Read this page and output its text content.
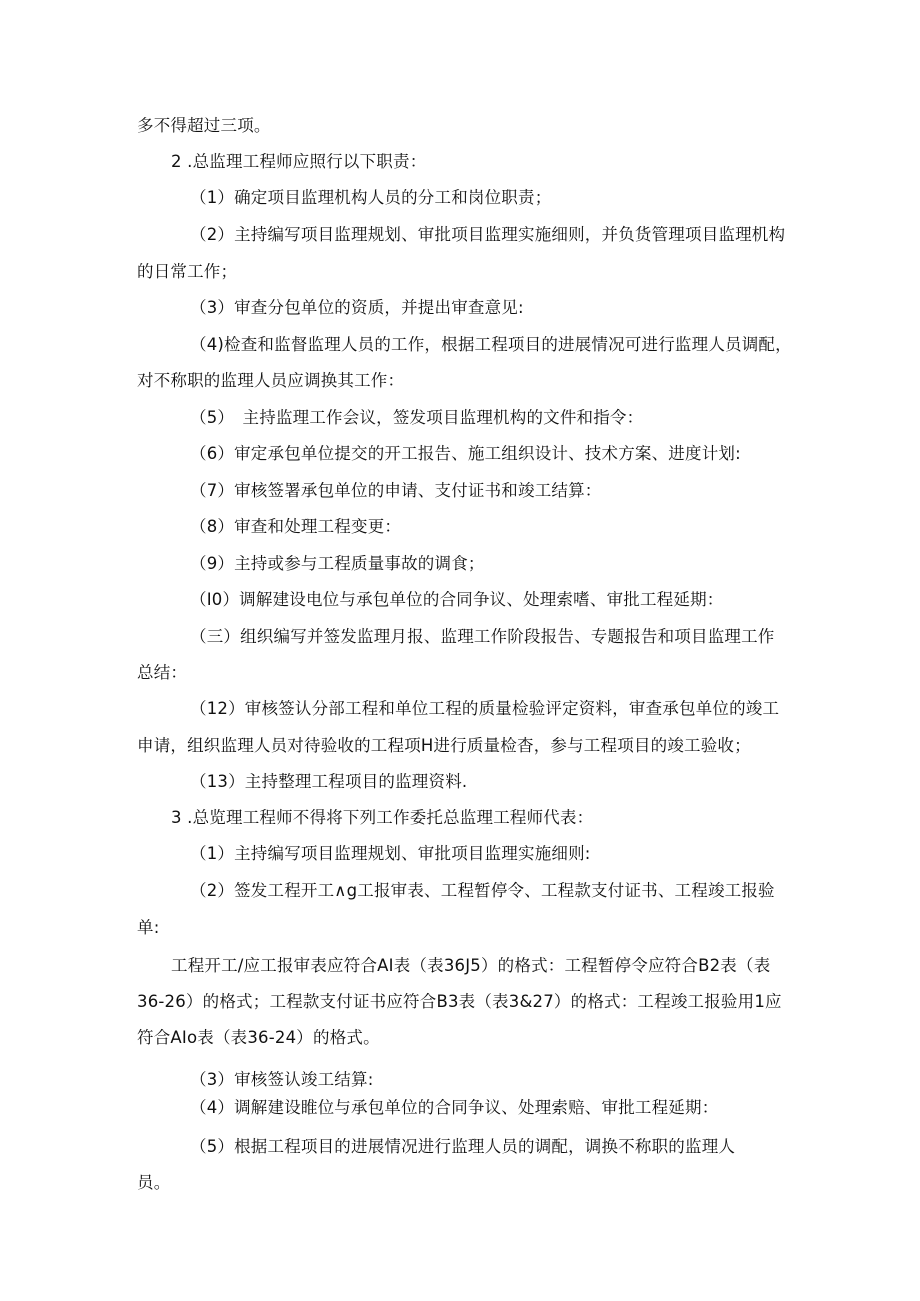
多不得超过三项。
2 .总监理工程师应照行以下职责：
（1）确定项目监理机构人员的分工和岗位职责；
（2）主持编写项目监理规划、审批项目监理实施细则，并负货管理项目监理机构
的日常工作；
（3）审查分包单位的资质，并提出审查意见:
（4)检查和监督监理人员的工作，根据工程项目的进展情况可进行监理人员调配，
对不称职的监理人员应调换其工作：
（5）　主持监理工作会议，签发项目监理机构的文件和指令：
（6）审定承包单位提交的开工报告、施工组织设计、技术方案、进度计划:
（7）审核签署承包单位的申请、支付证书和竣工结算：
（8）审查和处理工程变更：
（9）主持或参与工程质量事故的调食；
（I0）调解建设电位与承包单位的合同争议、处理索嗜、审批工程延期：
（三）组织编写并签发监理月报、监理工作阶段报告、专题报告和项目监理工作
总结：
（12）审核签认分部工程和单位工程的质量检验评定资料，审查承包单位的竣工
申请，组织监理人员对待验收的工程项H进行质量检杳，参与工程项目的竣工验收；
（13）主持整理工程项目的监理资料.
3 .总览理工程师不得将下列工作委托总监理工程师代表：
（1）主持编写项目监理规划、审批项目监理实施细则:
（2）签发工程开工∧g工报审表、工程暂停令、工程款支付证书、工程竣工报验
单:
工程开工/应工报审表应符合AI表（表36J5）的格式：工程暂停令应符合B2表（表
36-26）的格式；工程款支付证书应符合B3表（表3&27）的格式：工程竣工报验用1应
符合AIo表（表36-24）的格式。
（3）审核签认竣工结算:
（4）调解建设睢位与承包单位的合同争议、处理索赔、审批工程延期：
（5）根据工程项目的进展情况进行监理人员的调配，调换不称职的监理人
员。
